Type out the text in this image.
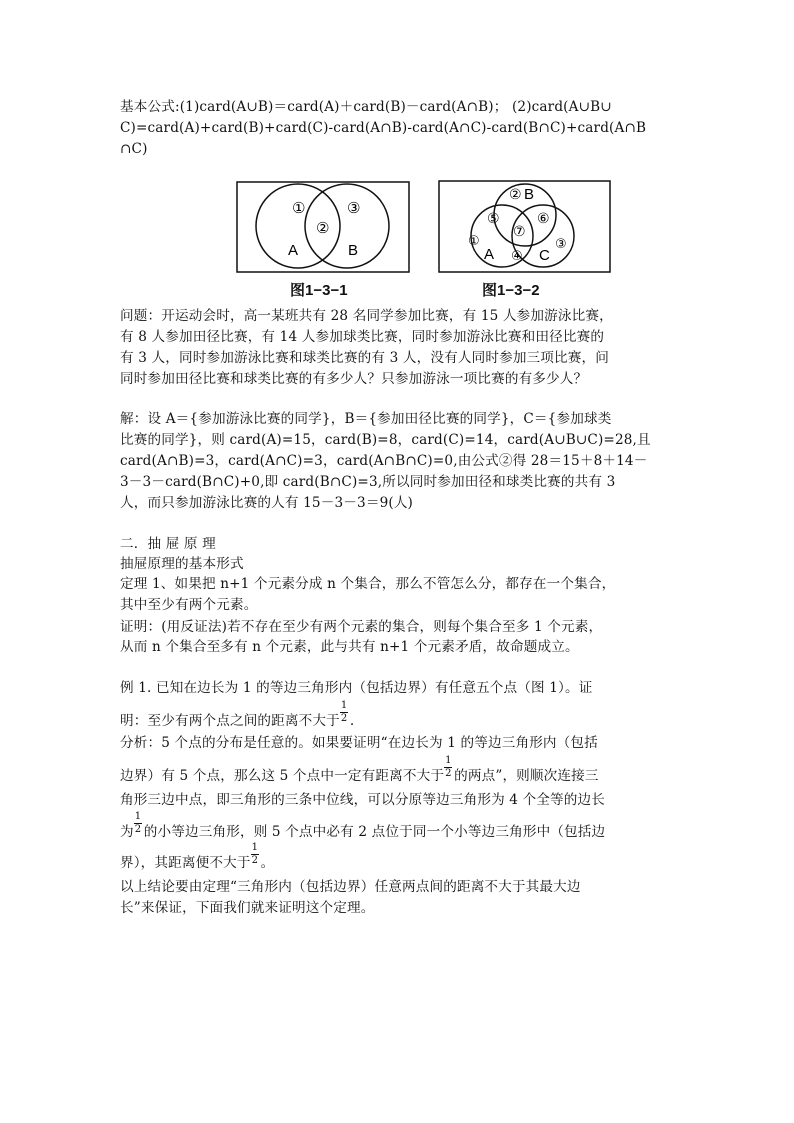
基本公式:(1)card(A∪B)＝card(A)＋card(B)－card(A∩B)； (2)card(A∪B∪
C)=card(A)+card(B)+card(C)-card(A∩B)-card(A∩C)-card(B∩C)+card(A∩B
∩C)
①
②
③
A	B
图1−3−1
② B
⑤	⑥
⑦
①	③
A ④ C
图1−3−2
问题：开运动会时，高一某班共有 28 名同学参加比赛，有 15 人参加游泳比赛，
有 8 人参加田径比赛，有 14 人参加球类比赛，同时参加游泳比赛和田径比赛的
有 3 人，同时参加游泳比赛和球类比赛的有 3 人，没有人同时参加三项比赛，问
同时参加田径比赛和球类比赛的有多少人？只参加游泳一项比赛的有多少人？
解：设 A＝{参加游泳比赛的同学}，B＝{参加田径比赛的同学}，C＝{参加球类
比赛的同学}，则 card(A)=15，card(B)=8，card(C)=14，card(A∪B∪C)=28,且
card(A∩B)=3，card(A∩C)=3，card(A∩B∩C)=0,由公式②得 28＝15＋8＋14－
3－3－card(B∩C)+0,即 card(B∩C)=3,所以同时参加田径和球类比赛的共有 3
人，而只参加游泳比赛的人有 15－3－3＝9(人)
二．抽 屉 原 理
抽屉原理的基本形式
定理 1、如果把 n+1 个元素分成 n 个集合，那么不管怎么分，都存在一个集合，
其中至少有两个元素。
证明：(用反证法)若不存在至少有两个元素的集合，则每个集合至多 1 个元素，
从而 n 个集合至多有 n 个元素，此与共有 n+1 个元素矛盾，故命题成立。
例 1. 已知在边长为 1 的等边三角形内（包括边界）有任意五个点（图 1）。证
明：至少有两个点之间的距离不大于 $\frac{1}{2}$ .
分析：5 个点的分布是任意的。如果要证明“在边长为 1 的等边三角形内（包括
边界）有 5 个点，那么这 5 个点中一定有距离不大于 $\frac{1}{2}$ 的两点”，则顺次连接三
角形三边中点，即三角形的三条中位线，可以分原等边三角形为 4 个全等的边长
为 $\frac{1}{2}$ 的小等边三角形，则 5 个点中必有 2 点位于同一个小等边三角形中（包括边
界），其距离便不大于 $\frac{1}{2}$ 。
以上结论要由定理“三角形内（包括边界）任意两点间的距离不大于其最大边
长”来保证，下面我们就来证明这个定理。
